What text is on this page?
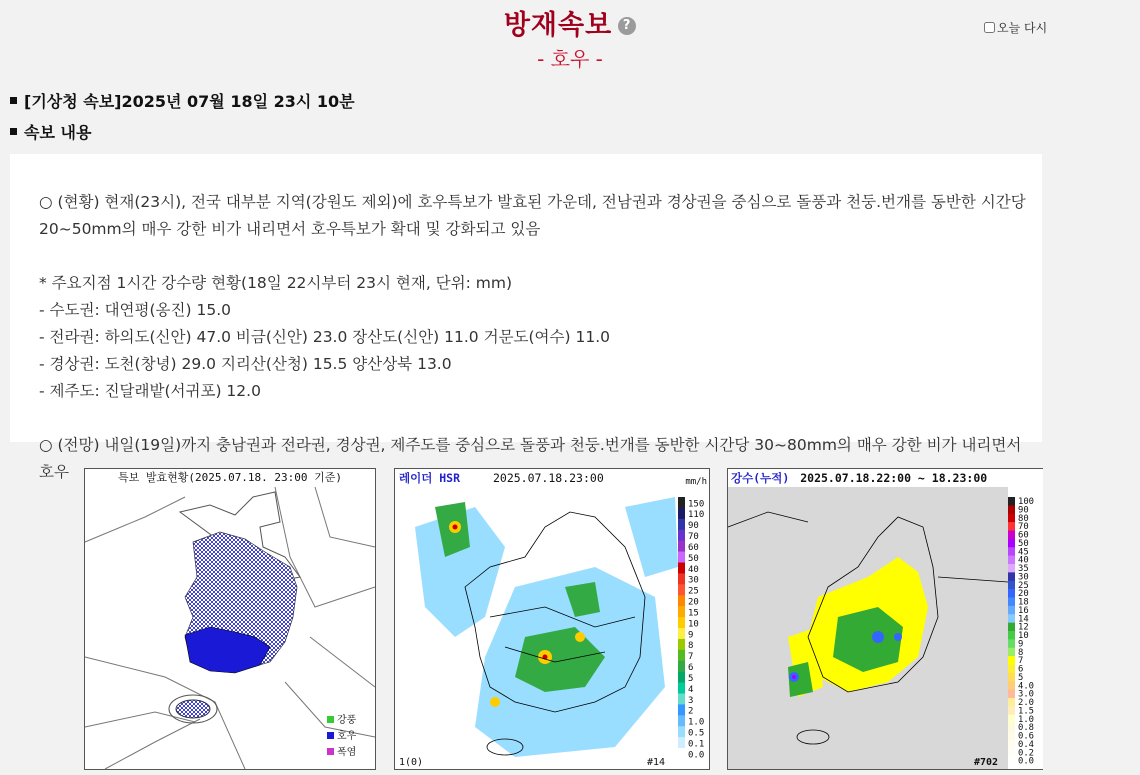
방재속보 ?
- 호우 -
오늘 다시
[기상청 속보]2025년 07월 18일 23시 10분
속보 내용
○ (현황) 현재(23시), 전국 대부분 지역(강원도 제외)에 호우특보가 발효된 가운데, 전남권과 경상권을 중심으로 돌풍과 천둥.번개를 동반한 시간당
20~50mm의 매우 강한 비가 내리면서 호우특보가 확대 및 강화되고 있음

* 주요지점 1시간 강수량 현황(18일 22시부터 23시 현재, 단위: mm)
- 수도권: 대연평(옹진) 15.0
- 전라권: 하의도(신안) 47.0 비금(신안) 23.0 장산도(신안) 11.0 거문도(여수) 11.0
- 경상권: 도천(창녕) 29.0 지리산(산청) 15.5 양산상북 13.0
- 제주도: 진달래밭(서귀포) 12.0

○ (전망) 내일(19일)까지 충남권과 전라권, 경상권, 제주도를 중심으로 돌풍과 천둥.번개를 동반한 시간당 30~80mm의 매우 강한 비가 내리면서 호우	특보 발효현황(2025.07.18. 23:00 기준)
강풍
호우
폭염
레이더 HSR	2025.07.18.23:00	mm/h
1(0)	#14
150
110
90
70
60
50
40
30
25
20
15
10
9
8
7
6
5
4
3
2
1.0
0.5
0.1
0.0
강수(누적) 2025.07.18.22:00 ~ 18.23:00
#702
100
90
80
70
60
50
45
40
35
30
25
20
18
16
14
12
10
9
8
7
6
5
4.0
3.0
2.0
1.5
1.0
0.8
0.6
0.4
0.2
0.0
